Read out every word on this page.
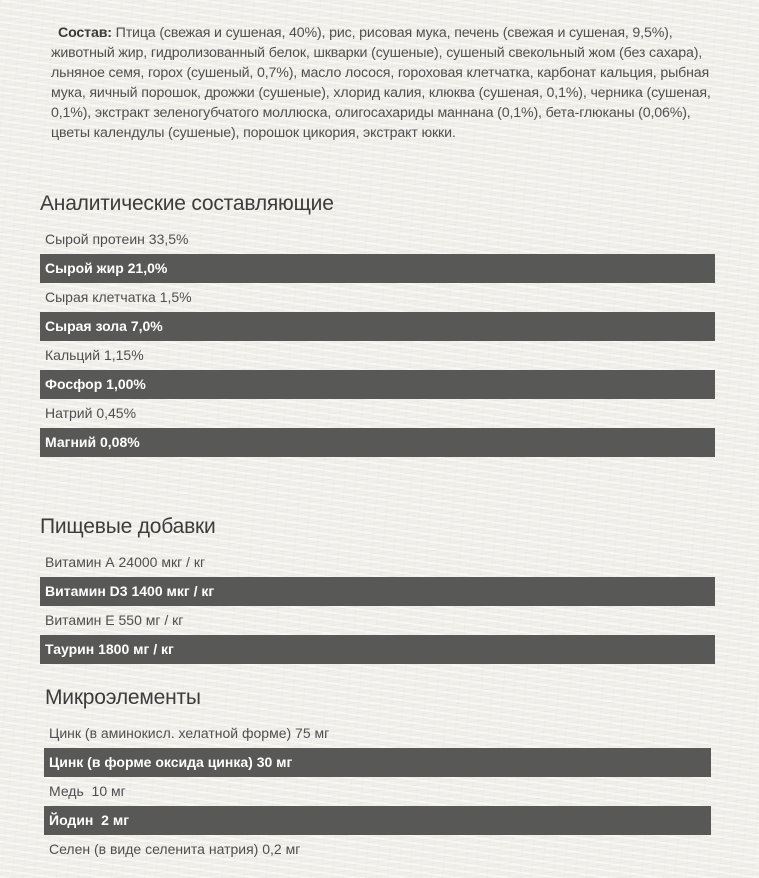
Состав: Птица (свежая и сушеная, 40%), рис, рисовая мука, печень (свежая и сушеная, 9,5%), животный жир, гидролизованный белок, шкварки (сушеные), сушеный свекольный жом (без сахара), льняное семя, горох (сушеный, 0,7%), масло лосося, гороховая клетчатка, карбонат кальция, рыбная мука, яичный порошок, дрожжи (сушеные), хлорид калия, клюква (сушеная, 0,1%), черника (сушеная, 0,1%), экстракт зеленогубчатого моллюска, олигосахариды маннана (0,1%), бета-глюканы (0,06%), цветы календулы (сушеные), порошок цикория, экстракт юкки.

Аналитические составляющие
Сырой протеин 33,5%
Сырой жир 21,0%
Сырая клетчатка 1,5%
Сырая зола 7,0%
Кальций 1,15%
Фосфор 1,00%
Натрий 0,45%
Магний 0,08%
Пищевые добавки
Витамин А 24000 мкг / кг
Витамин D3 1400 мкг / кг
Витамин Е 550 мг / кг
Таурин 1800 мг / кг
Микроэлементы
Цинк (в аминокисл. хелатной форме) 75 мг
Цинк (в форме оксида цинка) 30 мг
Медь  10 мг
Йодин  2 мг
Селен (в виде селенита натрия) 0,2 мг
